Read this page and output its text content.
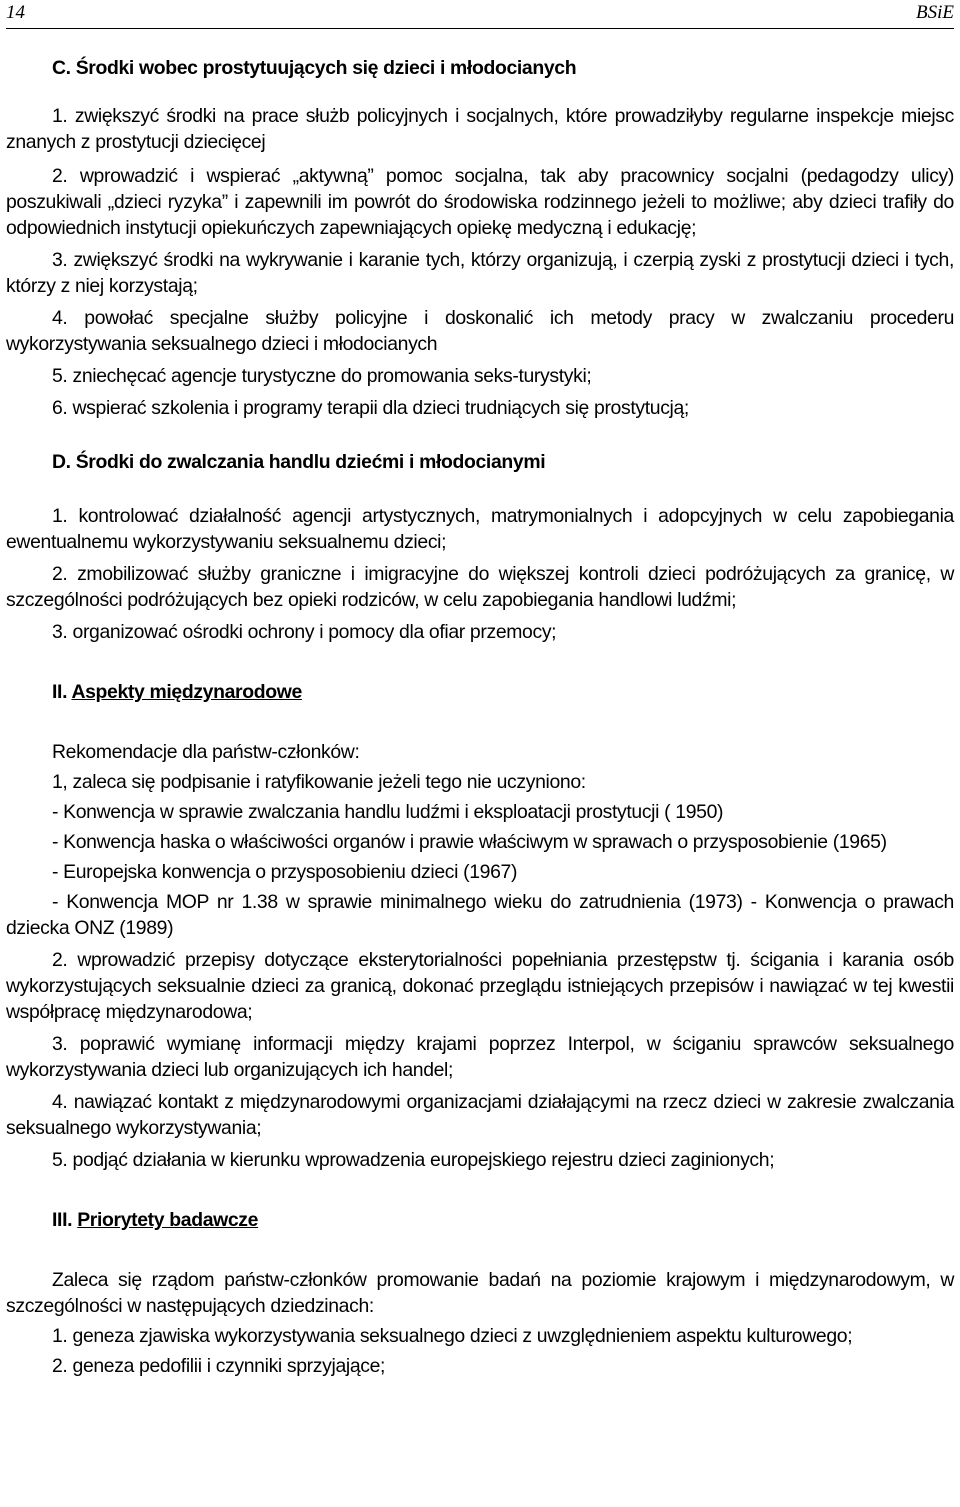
14	BSiE

C. Środki wobec prostytuujących się dzieci i młodocianych

1. zwiększyć środki na prace służb policyjnych i socjalnych, które prowadziłyby regularne inspekcje miejsc znanych z prostytucji dziecięcej

2. wprowadzić i wspierać „aktywną” pomoc socjalna, tak aby pracownicy socjalni (pedagodzy ulicy) poszukiwali „dzieci ryzyka” i zapewnili im powrót do środowiska rodzinnego jeżeli to możliwe; aby dzieci trafiły do odpowiednich instytucji opiekuńczych zapewniających opiekę medyczną i edukację;

3. zwiększyć środki na wykrywanie i karanie tych, którzy organizują, i czerpią zyski z prostytucji dzieci i tych, którzy z niej korzystają;

4. powołać specjalne służby policyjne i doskonalić ich metody pracy w zwalczaniu procederu wykorzystywania seksualnego dzieci i młodocianych

5. zniechęcać agencje turystyczne do promowania seks-turystyki;

6. wspierać szkolenia i programy terapii dla dzieci trudniących się prostytucją;

D. Środki do zwalczania handlu dziećmi i młodocianymi

1. kontrolować działalność agencji artystycznych, matrymonialnych i adopcyjnych w celu zapobiegania ewentualnemu wykorzystywaniu seksualnemu dzieci;

2. zmobilizować służby graniczne i imigracyjne do większej kontroli dzieci podróżujących za granicę, w szczególności podróżujących bez opieki rodziców, w celu zapobiegania handlowi ludźmi;

3. organizować ośrodki ochrony i pomocy dla ofiar przemocy;

II. Aspekty międzynarodowe

Rekomendacje dla państw-członków:

1, zaleca się podpisanie i ratyfikowanie jeżeli tego nie uczyniono:

- Konwencja w sprawie zwalczania handlu ludźmi i eksploatacji prostytucji ( 1950)

- Konwencja haska o właściwości organów i prawie właściwym w sprawach o przysposobienie (1965)

- Europejska konwencja o przysposobieniu dzieci (1967)

- Konwencja MOP nr 1.38 w sprawie minimalnego wieku do zatrudnienia (1973) - Konwencja o prawach dziecka ONZ (1989)

2. wprowadzić przepisy dotyczące eksterytorialności popełniania przestępstw tj. ścigania i karania osób wykorzystujących seksualnie dzieci za granicą, dokonać przeglądu istniejących przepisów i nawiązać w tej kwestii współpracę międzynarodowa;

3. poprawić wymianę informacji między krajami poprzez Interpol, w ściganiu sprawców seksualnego wykorzystywania dzieci lub organizujących ich handel;

4. nawiązać kontakt z międzynarodowymi organizacjami działającymi na rzecz dzieci w zakresie zwalczania seksualnego wykorzystywania;

5. podjąć działania w kierunku wprowadzenia europejskiego rejestru dzieci zaginionych;

III. Priorytety badawcze

Zaleca się rządom państw-członków promowanie badań na poziomie krajowym i międzynarodowym, w szczególności w następujących dziedzinach:

1. geneza zjawiska wykorzystywania seksualnego dzieci z uwzględnieniem aspektu kulturowego;

2. geneza pedofilii i czynniki sprzyjające;
